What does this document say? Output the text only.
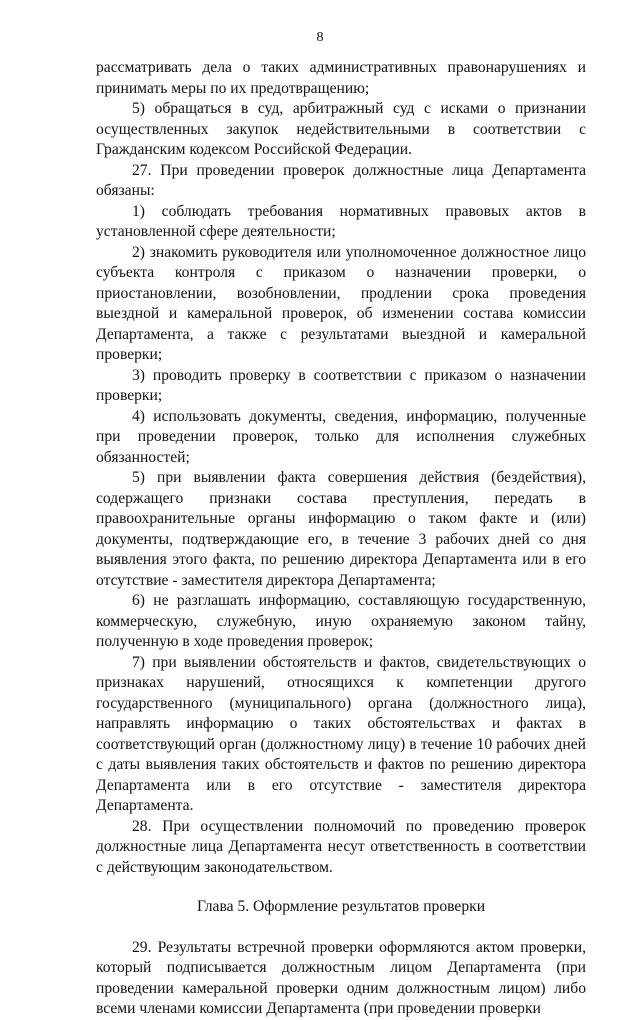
8

рассматривать дела о таких административных правонарушениях и принимать меры по их предотвращению;

5) обращаться в суд, арбитражный суд с исками о признании осуществленных закупок недействительными в соответствии с Гражданским кодексом Российской Федерации.

27. При проведении проверок должностные лица Департамента обязаны:

1) соблюдать требования нормативных правовых актов в установленной сфере деятельности;

2) знакомить руководителя или уполномоченное должностное лицо субъекта контроля с приказом о назначении проверки, о приостановлении, возобновлении, продлении срока проведения выездной и камеральной проверок, об изменении состава комиссии Департамента, а также с результатами выездной и камеральной проверки;

3) проводить проверку в соответствии с приказом о назначении проверки;

4) использовать документы, сведения, информацию, полученные при проведении проверок, только для исполнения служебных обязанностей;

5) при выявлении факта совершения действия (бездействия), содержащего признаки состава преступления, передать в правоохранительные органы информацию о таком факте и (или) документы, подтверждающие его, в течение 3 рабочих дней со дня выявления этого факта, по решению директора Департамента или в его отсутствие - заместителя директора Департамента;

6) не разглашать информацию, составляющую государственную, коммерческую, служебную, иную охраняемую законом тайну, полученную в ходе проведения проверок;

7) при выявлении обстоятельств и фактов, свидетельствующих о признаках нарушений, относящихся к компетенции другого государственного (муниципального) органа (должностного лица), направлять информацию о таких обстоятельствах и фактах в соответствующий орган (должностному лицу) в течение 10 рабочих дней с даты выявления таких обстоятельств и фактов по решению директора Департамента или в его отсутствие - заместителя директора Департамента.

28. При осуществлении полномочий по проведению проверок должностные лица Департамента несут ответственность в соответствии с действующим законодательством.

Глава 5. Оформление результатов проверки

29. Результаты встречной проверки оформляются актом проверки, который подписывается должностным лицом Департамента (при проведении камеральной проверки одним должностным лицом) либо всеми членами комиссии Департамента (при проведении проверки
